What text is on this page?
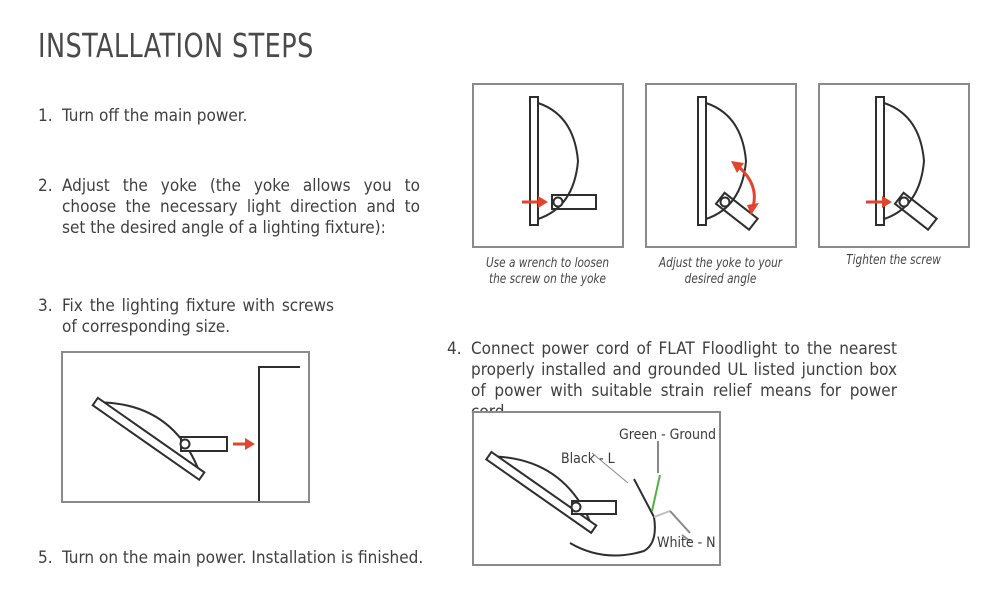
INSTALLATION STEPS
1. Turn off the main power.
2. Adjust the yoke (the yoke allows you to choose the necessary light direction and to set the desired angle of a lighting fixture):
3. Fix the lighting fixture with screws of corresponding size.
4. Connect power cord of FLAT Floodlight to the nearest properly installed and grounded UL listed junction box of power with suitable strain relief means for power
5. Turn on the main power. Installation is finished.
Use a wrench to loosen the screw on the yoke
Adjust the yoke to your desired angle
Tighten the screw
Green - Ground
Black - L
White - N
